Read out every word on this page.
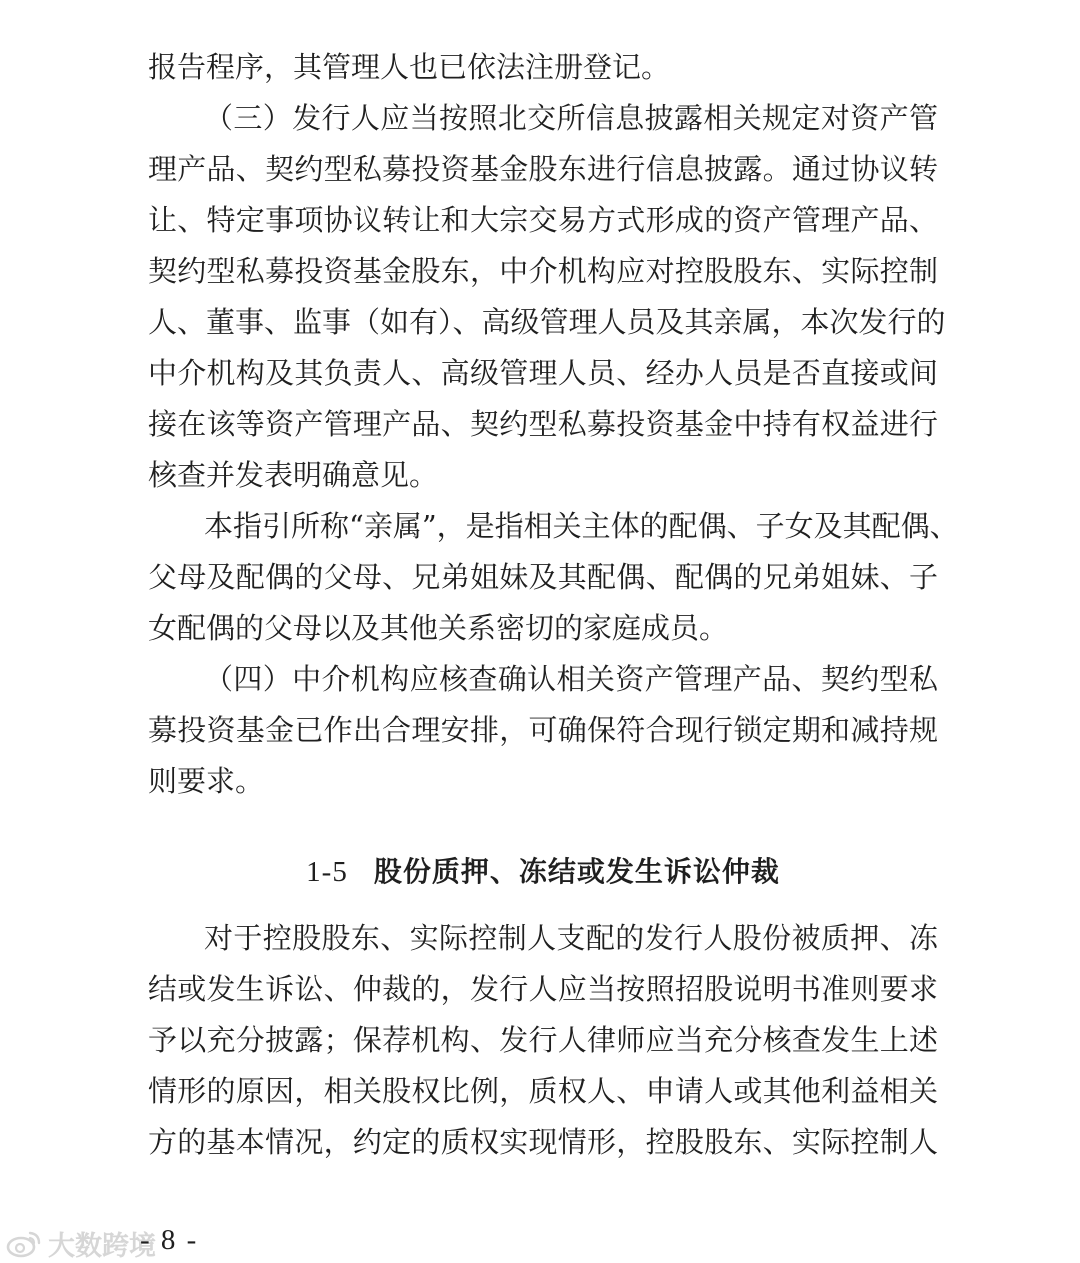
报告程序，其管理人也已依法注册登记。
（三）发行人应当按照北交所信息披露相关规定对资产管
理产品、契约型私募投资基金股东进行信息披露。通过协议转
让、特定事项协议转让和大宗交易方式形成的资产管理产品、
契约型私募投资基金股东，中介机构应对控股股东、实际控制
人、董事、监事（如有）、高级管理人员及其亲属，本次发行的
中介机构及其负责人、高级管理人员、经办人员是否直接或间
接在该等资产管理产品、契约型私募投资基金中持有权益进行
核查并发表明确意见。
本指引所称“亲属”，是指相关主体的配偶、子女及其配偶、
父母及配偶的父母、兄弟姐妹及其配偶、配偶的兄弟姐妹、子
女配偶的父母以及其他关系密切的家庭成员。
（四）中介机构应核查确认相关资产管理产品、契约型私
募投资基金已作出合理安排，可确保符合现行锁定期和减持规
则要求。
1-5 股份质押、冻结或发生诉讼仲裁
对于控股股东、实际控制人支配的发行人股份被质押、冻
结或发生诉讼、仲裁的，发行人应当按照招股说明书准则要求
予以充分披露；保荐机构、发行人律师应当充分核查发生上述
情形的原因，相关股权比例，质权人、申请人或其他利益相关
方的基本情况，约定的质权实现情形，控股股东、实际控制人
大数跨境
- 8 -
